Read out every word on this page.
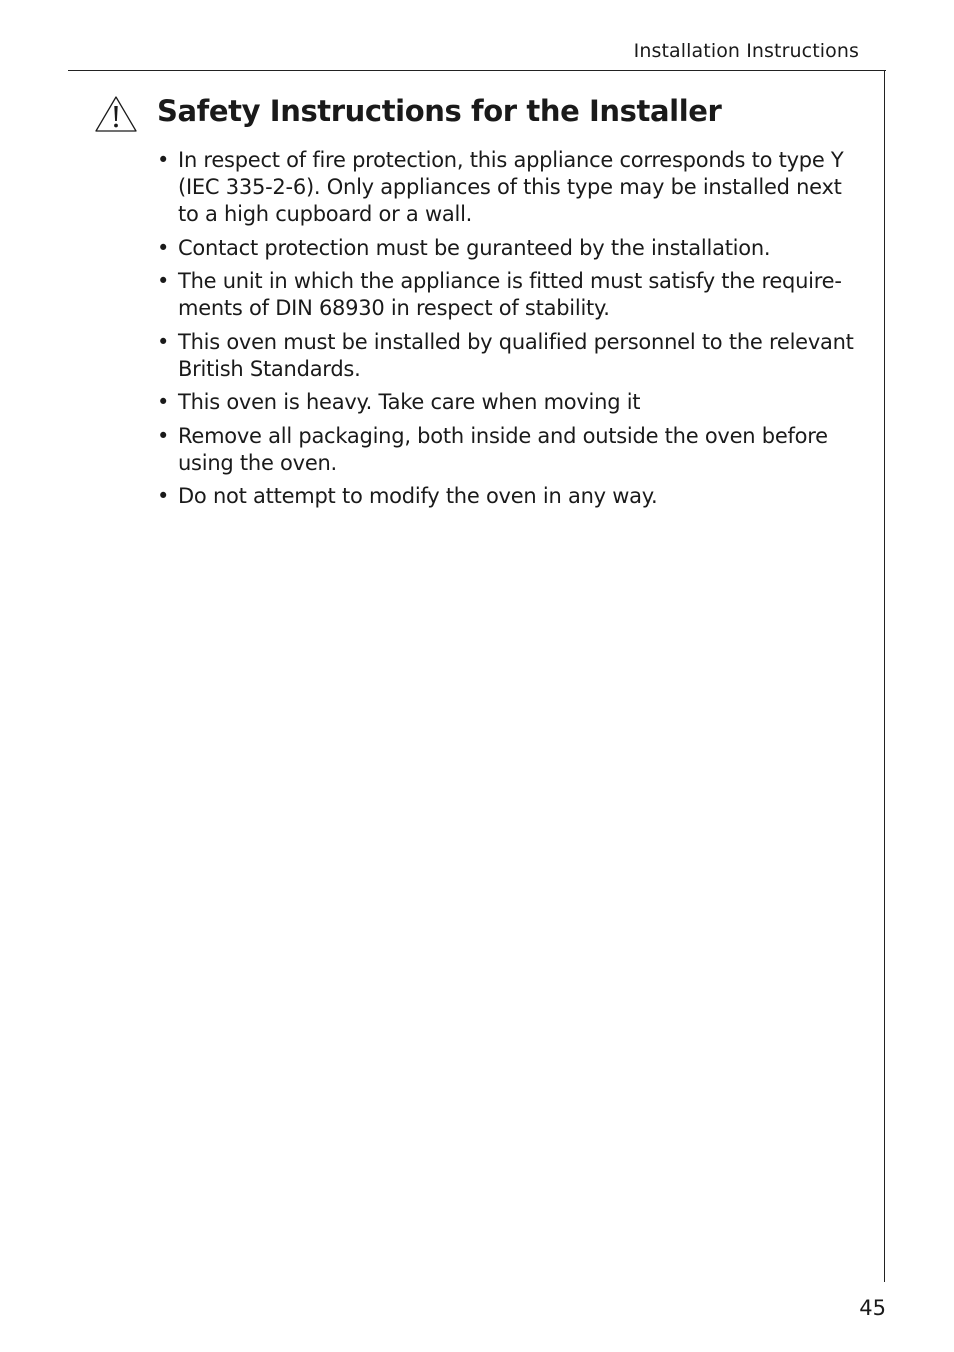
Installation Instructions
Safety Instructions for the Installer
• In respect of fire protection, this appliance corresponds to type Y (IEC 335-2-6). Only appliances of this type may be installed next to a high cupboard or a wall.
• Contact protection must be guranteed by the installation.
• The unit in which the appliance is fitted must satisfy the require-ments of DIN 68930 in respect of stability.
• This oven must be installed by qualified personnel to the relevant British Standards.
• This oven is heavy. Take care when moving it
• Remove all packaging, both inside and outside the oven before using the oven.
• Do not attempt to modify the oven in any way.
45
